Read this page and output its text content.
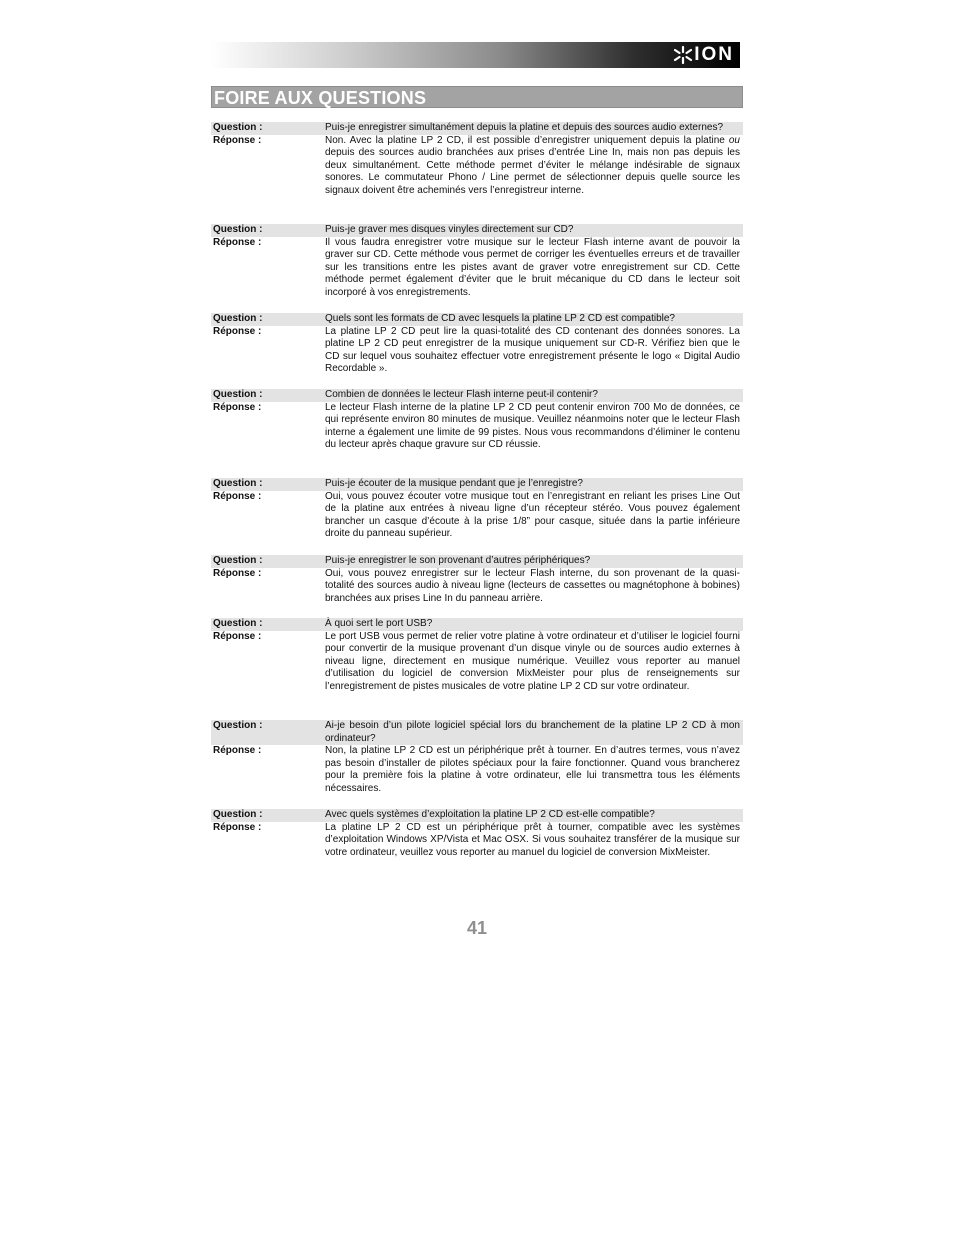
ION
FOIRE AUX QUESTIONS
Question :	Puis-je enregistrer simultanément depuis la platine et depuis des sources audio externes?
Réponse :	Non. Avec la platine LP 2 CD, il est possible d’enregistrer uniquement depuis la platine ou depuis des sources audio branchées aux prises d’entrée Line In, mais non pas depuis les deux simultanément. Cette méthode permet d’éviter le mélange indésirable de signaux sonores. Le commutateur Phono / Line permet de sélectionner depuis quelle source les signaux doivent être acheminés vers l’enregistreur interne.
Question :	Puis-je graver mes disques vinyles directement sur CD?
Réponse :	Il vous faudra enregistrer votre musique sur le lecteur Flash interne avant de pouvoir la graver sur CD. Cette méthode vous permet de corriger les éventuelles erreurs et de travailler sur les transitions entre les pistes avant de graver votre enregistrement sur CD. Cette méthode permet également d’éviter que le bruit mécanique du CD dans le lecteur soit incorporé à vos enregistrements.
Question :	Quels sont les formats de CD avec lesquels la platine LP 2 CD est compatible?
Réponse :	La platine LP 2 CD peut lire la quasi-totalité des CD contenant des données sonores. La platine LP 2 CD peut enregistrer de la musique uniquement sur CD-R. Vérifiez bien que le CD sur lequel vous souhaitez effectuer votre enregistrement présente le logo « Digital Audio Recordable ».
Question :	Combien de données le lecteur Flash interne peut-il contenir?
Réponse :	Le lecteur Flash interne de la platine LP 2 CD peut contenir environ 700 Mo de données, ce qui représente environ 80 minutes de musique. Veuillez néanmoins noter que le lecteur Flash interne a également une limite de 99 pistes. Nous vous recommandons d’éliminer le contenu du lecteur après chaque gravure sur CD réussie.
Question :	Puis-je écouter de la musique pendant que je l’enregistre?
Réponse :	Oui, vous pouvez écouter votre musique tout en l’enregistrant en reliant les prises Line Out de la platine aux entrées à niveau ligne d’un récepteur stéréo. Vous pouvez également brancher un casque d’écoute à la prise 1/8” pour casque, située dans la partie inférieure droite du panneau supérieur.
Question :	Puis-je enregistrer le son provenant d’autres périphériques?
Réponse :	Oui, vous pouvez enregistrer sur le lecteur Flash interne, du son provenant de la quasi-totalité des sources audio à niveau ligne (lecteurs de cassettes ou magnétophone à bobines) branchées aux prises Line In du panneau arrière.
Question :	À quoi sert le port USB?
Réponse :	Le port USB vous permet de relier votre platine à votre ordinateur et d’utiliser le logiciel fourni pour convertir de la musique provenant d’un disque vinyle ou de sources audio externes à niveau ligne, directement en musique numérique. Veuillez vous reporter au manuel d’utilisation du logiciel de conversion MixMeister pour plus de renseignements sur l’enregistrement de pistes musicales de votre platine LP 2 CD sur votre ordinateur.
Question :	Ai-je besoin d’un pilote logiciel spécial lors du branchement de la platine LP 2 CD à mon ordinateur?
Réponse :	Non, la platine LP 2 CD est un périphérique prêt à tourner. En d’autres termes, vous n’avez pas besoin d’installer de pilotes spéciaux pour la faire fonctionner. Quand vous brancherez pour la première fois la platine à votre ordinateur, elle lui transmettra tous les éléments nécessaires.
Question :	Avec quels systèmes d’exploitation la platine LP 2 CD est-elle compatible?
Réponse :	La platine LP 2 CD est un périphérique prêt à tourner, compatible avec les systèmes d’exploitation Windows XP/Vista et Mac OSX. Si vous souhaitez transférer de la musique sur votre ordinateur, veuillez vous reporter au manuel du logiciel de conversion MixMeister.
41
